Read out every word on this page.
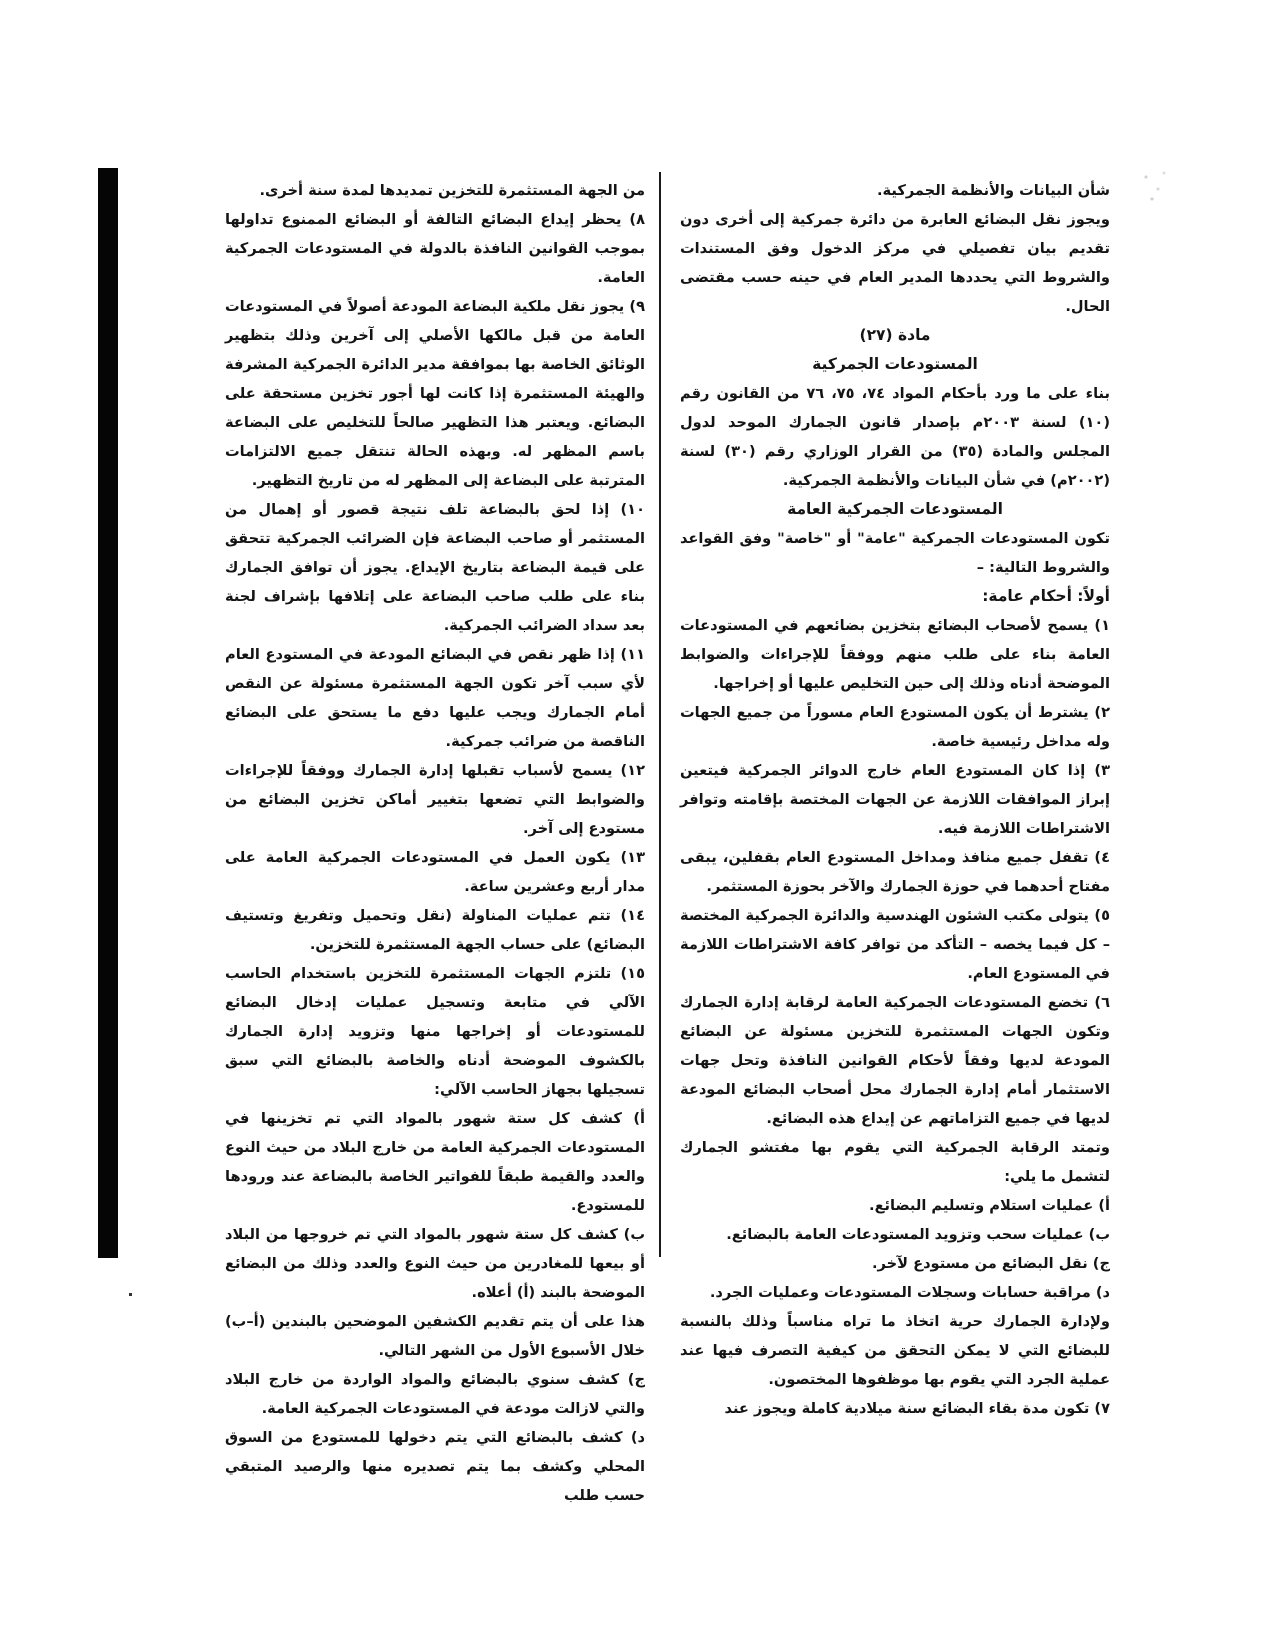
شأن البيانات والأنظمة الجمركية.

ويجوز نقل البضائع العابرة من دائرة جمركية إلى أخرى دون تقديم بيان تفصيلي في مركز الدخول وفق المستندات والشروط التي يحددها المدير العام في حينه حسب مقتضى الحال.

مادة (٢٧)

المستودعات الجمركية

بناء على ما ورد بأحكام المواد ٧٤، ٧٥، ٧٦ من القانون رقم (١٠) لسنة ٢٠٠٣م بإصدار قانون الجمارك الموحد لدول المجلس والمادة (٣٥) من القرار الوزاري رقم (٣٠) لسنة (٢٠٠٢م) في شأن البيانات والأنظمة الجمركية.

المستودعات الجمركية العامة

تكون المستودعات الجمركية "عامة" أو "خاصة" وفق القواعد والشروط التالية: –

أولاً: أحكام عامة:

١) يسمح لأصحاب البضائع بتخزين بضائعهم في المستودعات العامة بناء على طلب منهم ووفقاً للإجراءات والضوابط الموضحة أدناه وذلك إلى حين التخليص عليها أو إخراجها.

٢) يشترط أن يكون المستودع العام مسوراً من جميع الجهات وله مداخل رئيسية خاصة.

٣) إذا كان المستودع العام خارج الدوائر الجمركية فيتعين إبراز الموافقات اللازمة عن الجهات المختصة بإقامته وتوافر الاشتراطات اللازمة فيه.

٤) تقفل جميع منافذ ومداخل المستودع العام بقفلين، يبقى مفتاح أحدهما في حوزة الجمارك والآخر بحوزة المستثمر.

٥) يتولى مكتب الشئون الهندسية والدائرة الجمركية المختصة – كل فيما يخصه – التأكد من توافر كافة الاشتراطات اللازمة في المستودع العام.

٦) تخضع المستودعات الجمركية العامة لرقابة إدارة الجمارك وتكون الجهات المستثمرة للتخزين مسئولة عن البضائع المودعة لديها وفقاً لأحكام القوانين النافذة وتحل جهات الاستثمار أمام إدارة الجمارك محل أصحاب البضائع المودعة لديها في جميع التزاماتهم عن إيداع هذه البضائع.

وتمتد الرقابة الجمركية التي يقوم بها مفتشو الجمارك لتشمل ما يلي:

أ) عمليات استلام وتسليم البضائع.

ب) عمليات سحب وتزويد المستودعات العامة بالبضائع.

ج) نقل البضائع من مستودع لآخر.

د) مراقبة حسابات وسجلات المستودعات وعمليات الجرد.

ولإدارة الجمارك حرية اتخاذ ما تراه مناسباً وذلك بالنسبة للبضائع التي لا يمكن التحقق من كيفية التصرف فيها عند عملية الجرد التي يقوم بها موظفوها المختصون.

٧) تكون مدة بقاء البضائع سنة ميلادية كاملة ويجوز عند

من الجهة المستثمرة للتخزين تمديدها لمدة سنة أخرى.

٨) يحظر إيداع البضائع التالفة أو البضائع الممنوع تداولها بموجب القوانين النافذة بالدولة في المستودعات الجمركية العامة.

٩) يجوز نقل ملكية البضاعة المودعة أصولاً في المستودعات العامة من قبل مالكها الأصلي إلى آخرين وذلك بتظهير الوثائق الخاصة بها بموافقة مدير الدائرة الجمركية المشرفة والهيئة المستثمرة إذا كانت لها أجور تخزين مستحقة على البضائع. ويعتبر هذا التظهير صالحاً للتخليص على البضاعة باسم المظهر له. وبهذه الحالة تنتقل جميع الالتزامات المترتبة على البضاعة إلى المظهر له من تاريخ التظهير.

١٠) إذا لحق بالبضاعة تلف نتيجة قصور أو إهمال من المستثمر أو صاحب البضاعة فإن الضرائب الجمركية تتحقق على قيمة البضاعة بتاريخ الإيداع. يجوز أن توافق الجمارك بناء على طلب صاحب البضاعة على إتلافها بإشراف لجنة بعد سداد الضرائب الجمركية.

١١) إذا ظهر نقص في البضائع المودعة في المستودع العام لأي سبب آخر تكون الجهة المستثمرة مسئولة عن النقص أمام الجمارك ويجب عليها دفع ما يستحق على البضائع الناقصة من ضرائب جمركية.

١٢) يسمح لأسباب تقبلها إدارة الجمارك ووفقاً للإجراءات والضوابط التي تضعها بتغيير أماكن تخزين البضائع من مستودع إلى آخر.

١٣) يكون العمل في المستودعات الجمركية العامة على مدار أربع وعشرين ساعة.

١٤) تتم عمليات المناولة (نقل وتحميل وتفريغ وتستيف البضائع) على حساب الجهة المستثمرة للتخزين.

١٥) تلتزم الجهات المستثمرة للتخزين باستخدام الحاسب الآلي في متابعة وتسجيل عمليات إدخال البضائع للمستودعات أو إخراجها منها وتزويد إدارة الجمارك بالكشوف الموضحة أدناه والخاصة بالبضائع التي سبق تسجيلها بجهاز الحاسب الآلي:

أ) كشف كل ستة شهور بالمواد التي تم تخزينها في المستودعات الجمركية العامة من خارج البلاد من حيث النوع والعدد والقيمة طبقاً للفواتير الخاصة بالبضاعة عند ورودها للمستودع.

ب) كشف كل ستة شهور بالمواد التي تم خروجها من البلاد أو بيعها للمغادرين من حيث النوع والعدد وذلك من البضائع الموضحة بالبند (أ) أعلاه.

هذا على أن يتم تقديم الكشفين الموضحين بالبندين (أ–ب) خلال الأسبوع الأول من الشهر التالي.

ج) كشف سنوي بالبضائع والمواد الواردة من خارج البلاد والتي لازالت مودعة في المستودعات الجمركية العامة.

د) كشف بالبضائع التي يتم دخولها للمستودع من السوق المحلي وكشف بما يتم تصديره منها والرصيد المتبقي حسب طلب
